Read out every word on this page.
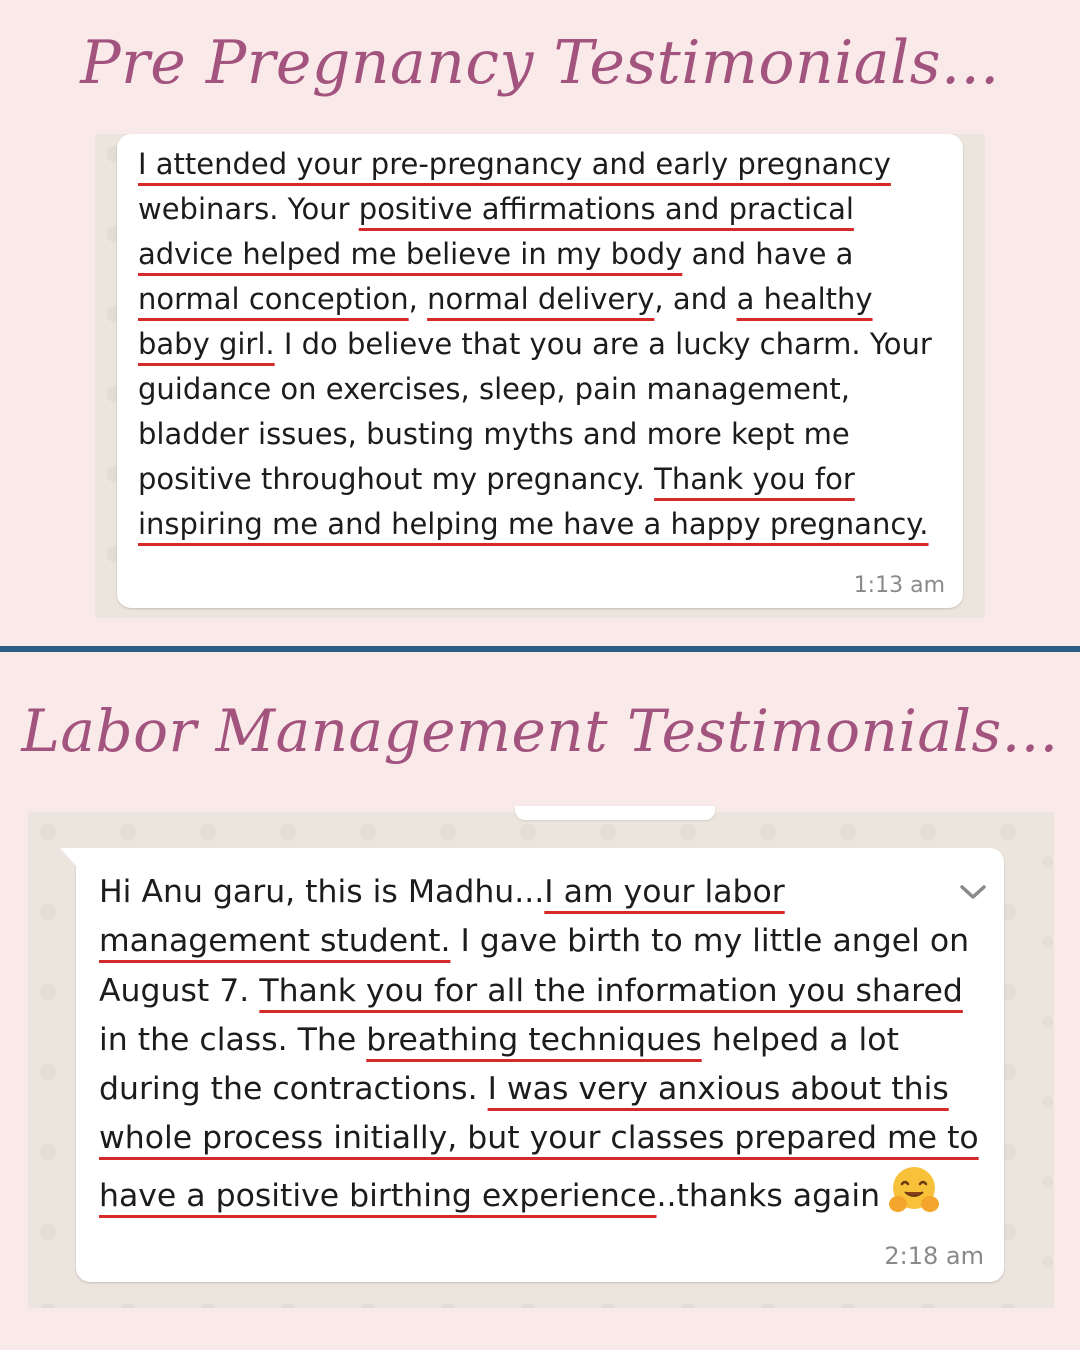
Pre Pregnancy Testimonials...

I attended your pre-pregnancy and early pregnancy webinars. Your positive affirmations and practical advice helped me believe in my body and have a normal conception, normal delivery, and a healthy baby girl. I do believe that you are a lucky charm. Your guidance on exercises, sleep, pain management, bladder issues, busting myths and more kept me positive throughout my pregnancy. Thank you for inspiring me and helping me have a happy pregnancy.

1:13 am
Labor Management Testimonials...

Hi Anu garu, this is Madhu...I am your labor management student. I gave birth to my little angel on August 7. Thank you for all the information you shared in the class. The breathing techniques helped a lot during the contractions. I was very anxious about this whole process initially, but your classes prepared me to have a positive birthing experience..thanks again

2:18 am
